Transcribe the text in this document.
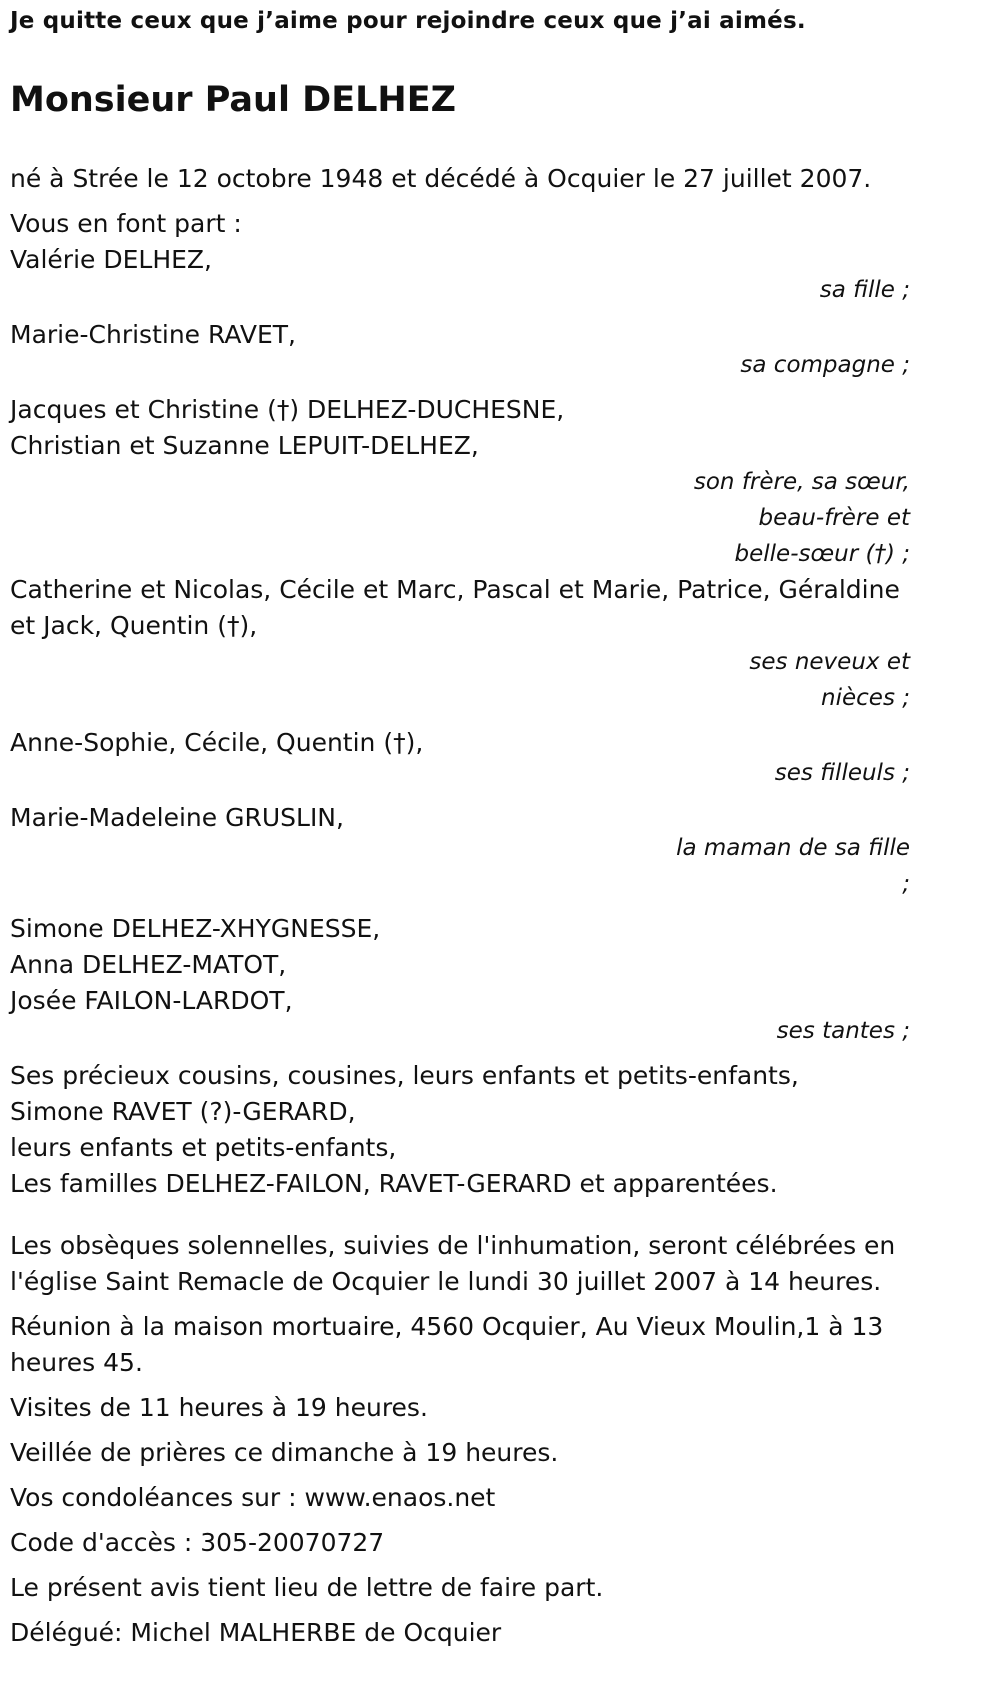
Je quitte ceux que j’aime pour rejoindre ceux que j’ai aimés.
Monsieur Paul DELHEZ

né à Strée le 12 octobre 1948 et décédé à Ocquier le 27 juillet 2007.

Vous en font part :

Valérie DELHEZ,

sa fille ;

Marie-Christine RAVET,

sa compagne ;

Jacques et Christine (†) DELHEZ-DUCHESNE,

Christian et Suzanne LEPUIT-DELHEZ,

son frère, sa sœur,

beau-frère et

belle-sœur (†) ;

Catherine et Nicolas, Cécile et Marc, Pascal et Marie, Patrice, Géraldine et Jack, Quentin (†),

ses neveux et

nièces ;

Anne-Sophie, Cécile, Quentin (†),

ses filleuls ;

Marie-Madeleine GRUSLIN,

la maman de sa fille

;

Simone DELHEZ-XHYGNESSE,

Anna DELHEZ-MATOT,

Josée FAILON-LARDOT,

ses tantes ;

Ses précieux cousins, cousines, leurs enfants et petits-enfants,

Simone RAVET (?)-GERARD,

leurs enfants et petits-enfants,

Les familles DELHEZ-FAILON, RAVET-GERARD et apparentées.

Les obsèques solennelles, suivies de l'inhumation, seront célébrées en l'église Saint Remacle de Ocquier le lundi 30 juillet 2007 à 14 heures.

Réunion à la maison mortuaire, 4560 Ocquier, Au Vieux Moulin,1 à 13 heures 45.

Visites de 11 heures à 19 heures.

Veillée de prières ce dimanche à 19 heures.

Vos condoléances sur : www.enaos.net

Code d'accès : 305-20070727

Le présent avis tient lieu de lettre de faire part.

Délégué: Michel MALHERBE de Ocquier
